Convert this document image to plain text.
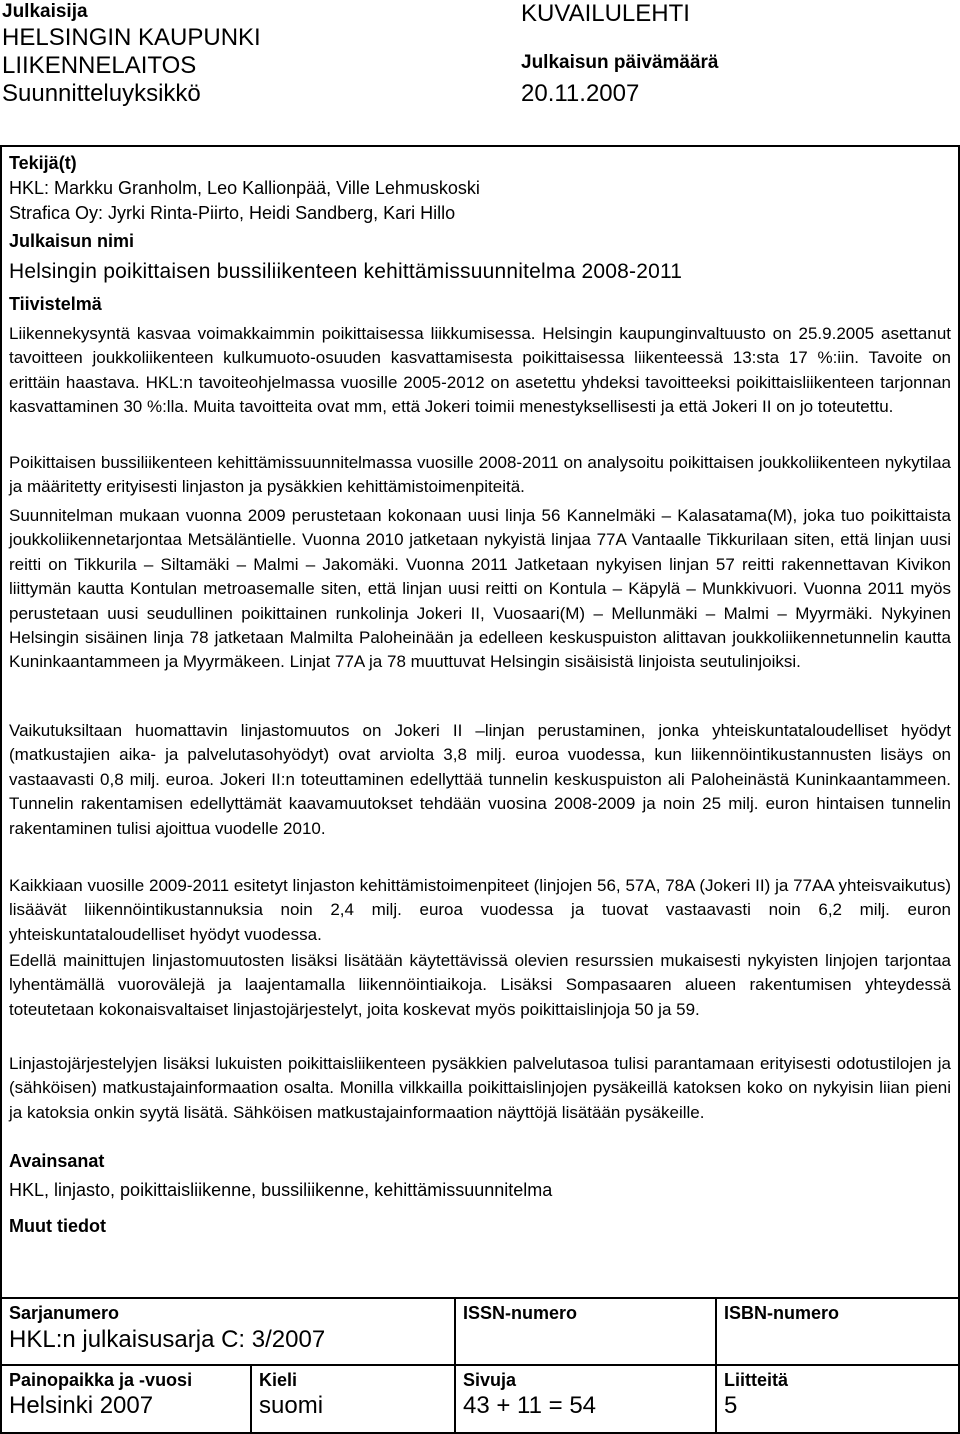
Julkaisija
HELSINGIN KAUPUNKI
LIIKENNELAITOS
Suunnitteluyksikkö
KUVAILULEHTI
Julkaisun päivämäärä
20.11.2007
Tekijä(t)
HKL: Markku Granholm, Leo Kallionpää, Ville Lehmuskoski
Strafica Oy: Jyrki Rinta-Piirto, Heidi Sandberg, Kari Hillo
Julkaisun nimi
Helsingin poikittaisen bussiliikenteen kehittämissuunnitelma 2008-2011
Tiivistelmä

Liikennekysyntä kasvaa voimakkaimmin poikittaisessa liikkumisessa. Helsingin kaupunginvaltuusto on 25.9.2005 asettanut tavoitteen joukkoliikenteen kulkumuoto-osuuden kasvattamisesta poikittaisessa liikenteessä 13:sta 17 %:iin. Tavoite on erittäin haastava. HKL:n tavoiteohjelmassa vuosille 2005-2012 on asetettu yhdeksi tavoitteeksi poikittaisliikenteen tarjonnan kasvattaminen 30 %:lla. Muita tavoitteita ovat mm, että Jokeri toimii menestyksellisesti ja että Jokeri II on jo toteutettu.

Poikittaisen bussiliikenteen kehittämissuunnitelmassa vuosille 2008-2011 on analysoitu poikittaisen joukkoliikenteen nykytilaa ja määritetty erityisesti linjaston ja pysäkkien kehittämistoimenpiteitä.

Suunnitelman mukaan vuonna 2009 perustetaan kokonaan uusi linja 56 Kannelmäki – Kalasatama(M), joka tuo poikittaista joukkoliikennetarjontaa Metsäläntielle. Vuonna 2010 jatketaan nykyistä linjaa 77A Vantaalle Tikkurilaan siten, että linjan uusi reitti on Tikkurila – Siltamäki – Malmi – Jakomäki. Vuonna 2011 Jatketaan nykyisen linjan 57 reitti rakennettavan Kivikon liittymän kautta Kontulan metroasemalle siten, että linjan uusi reitti on Kontula – Käpylä – Munkkivuori. Vuonna 2011 myös perustetaan uusi seudullinen poikittainen runkolinja Jokeri II, Vuosaari(M) – Mellunmäki – Malmi – Myyrmäki. Nykyinen Helsingin sisäinen linja 78 jatketaan Malmilta Paloheinään ja edelleen keskuspuiston alittavan joukkoliikennetunnelin kautta Kuninkaantammeen ja Myyrmäkeen. Linjat 77A ja 78 muuttuvat Helsingin sisäisistä linjoista seutulinjoiksi.

Vaikutuksiltaan huomattavin linjastomuutos on Jokeri II –linjan perustaminen, jonka yhteiskuntataloudelliset hyödyt (matkustajien aika- ja palvelutasohyödyt) ovat arviolta 3,8 milj. euroa vuodessa, kun liikennöintikustannusten lisäys on vastaavasti 0,8 milj. euroa. Jokeri II:n toteuttaminen edellyttää tunnelin keskuspuiston ali Paloheinästä Kuninkaantammeen. Tunnelin rakentamisen edellyttämät kaavamuutokset tehdään vuosina 2008-2009 ja noin 25 milj. euron hintaisen tunnelin rakentaminen tulisi ajoittua vuodelle 2010.

Kaikkiaan vuosille 2009-2011 esitetyt linjaston kehittämistoimenpiteet (linjojen 56, 57A, 78A (Jokeri II) ja 77AA yhteisvaikutus) lisäävät liikennöintikustannuksia noin 2,4 milj. euroa vuodessa ja tuovat vastaavasti noin 6,2 milj. euron yhteiskuntataloudelliset hyödyt vuodessa.

Edellä mainittujen linjastomuutosten lisäksi lisätään käytettävissä olevien resurssien mukaisesti nykyisten linjojen tarjontaa lyhentämällä vuorovälejä ja laajentamalla liikennöintiaikoja. Lisäksi Sompasaaren alueen rakentumisen yhteydessä toteutetaan kokonaisvaltaiset linjastojärjestelyt, joita koskevat myös poikittaislinjoja 50 ja 59.

Linjastojärjestelyjen lisäksi lukuisten poikittaisliikenteen pysäkkien palvelutasoa tulisi parantamaan erityisesti odotustilojen ja (sähköisen) matkustajainformaation osalta. Monilla vilkkailla poikittaislinjojen pysäkeillä katoksen koko on nykyisin liian pieni ja katoksia onkin syytä lisätä. Sähköisen matkustajainformaation näyttöjä lisätään pysäkeille.

Avainsanat
HKL, linjasto, poikittaisliikenne, bussiliikenne, kehittämissuunnitelma
Muut tiedot
Sarjanumero
HKL:n julkaisusarja C: 3/2007
ISSN-numero	ISBN-numero
Painopaikka ja -vuosi
Helsinki 2007
Kieli
suomi
Sivuja
43 + 11 = 54
Liitteitä
5
